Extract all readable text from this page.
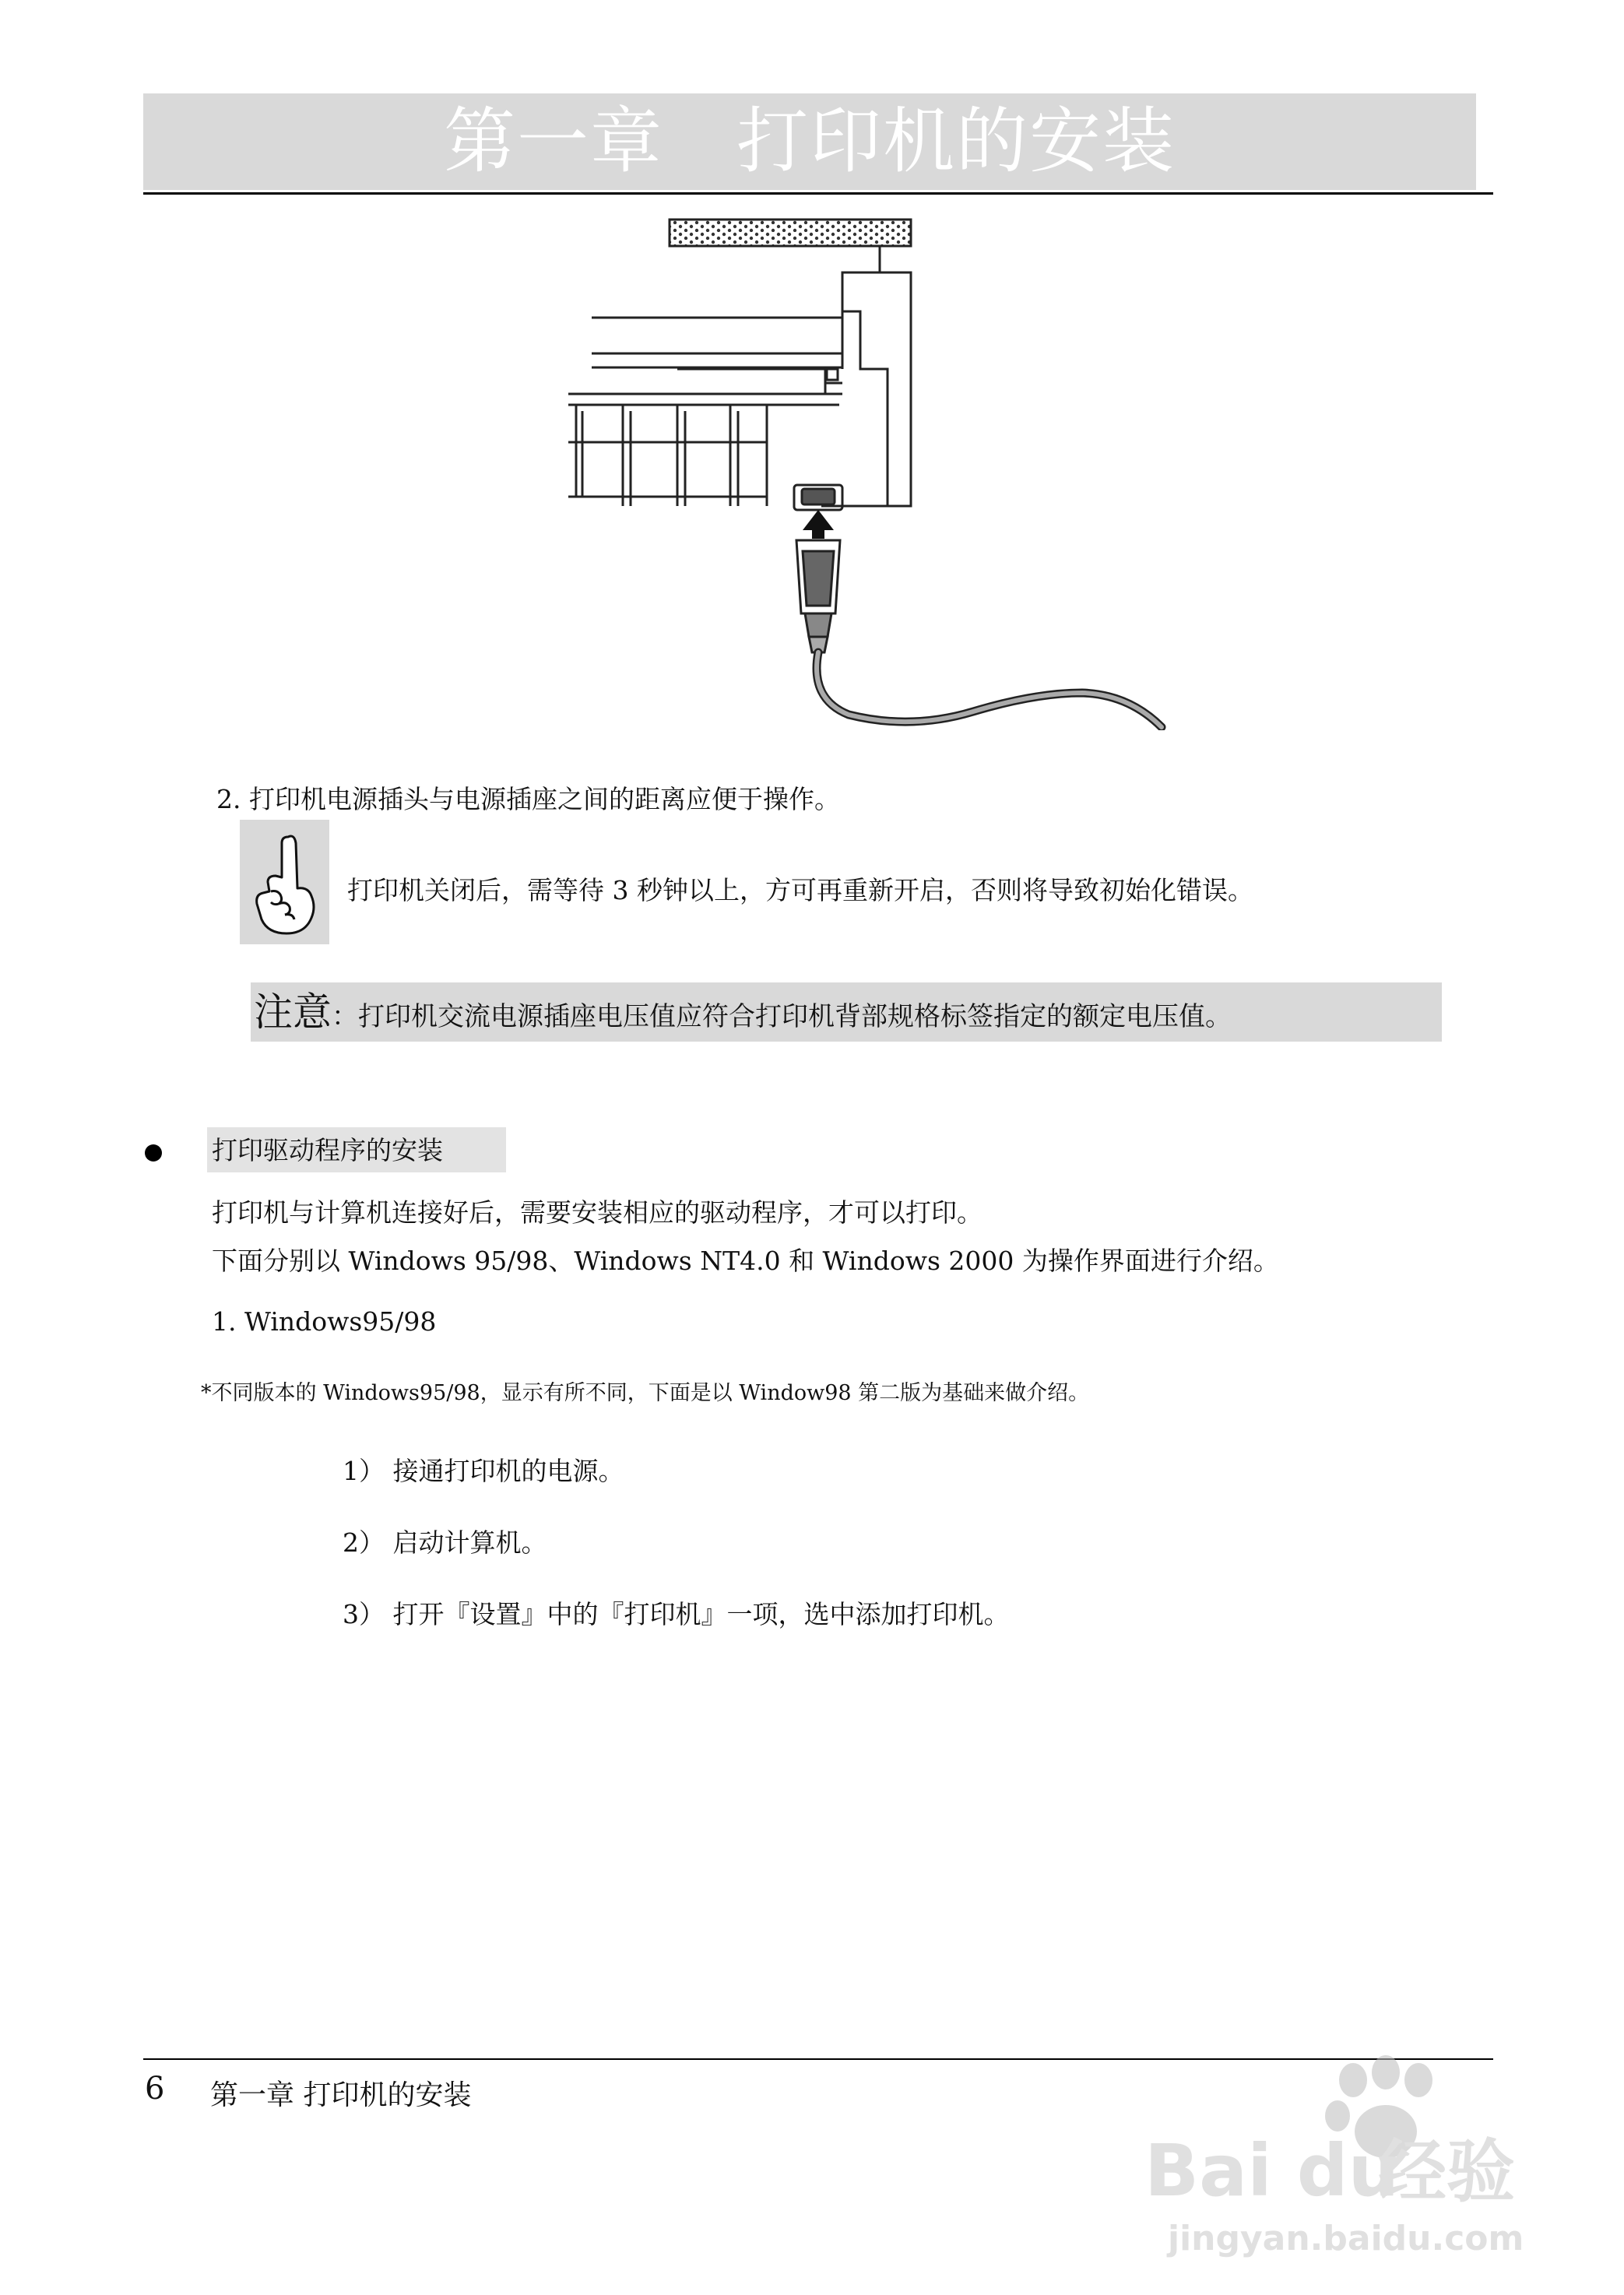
第一章　打印机的安装
2. 打印机电源插头与电源插座之间的距离应便于操作。
打印机关闭后，需等待 3 秒钟以上，方可再重新开启，否则将导致初始化错误。
注意：打印机交流电源插座电压值应符合打印机背部规格标签指定的额定电压值。
打印驱动程序的安装
打印机与计算机连接好后，需要安装相应的驱动程序，才可以打印。
下面分别以 Windows 95/98、Windows NT4.0 和 Windows 2000 为操作界面进行介绍。
1. Windows95/98
*不同版本的 Windows95/98，显示有所不同，下面是以 Window98 第二版为基础来做介绍。
1） 接通打印机的电源。
2） 启动计算机。
3） 打开『设置』中的『打印机』一项，选中添加打印机。
6 第一章 打印机的安装
Bai du
经验
jingyan.baidu.com
